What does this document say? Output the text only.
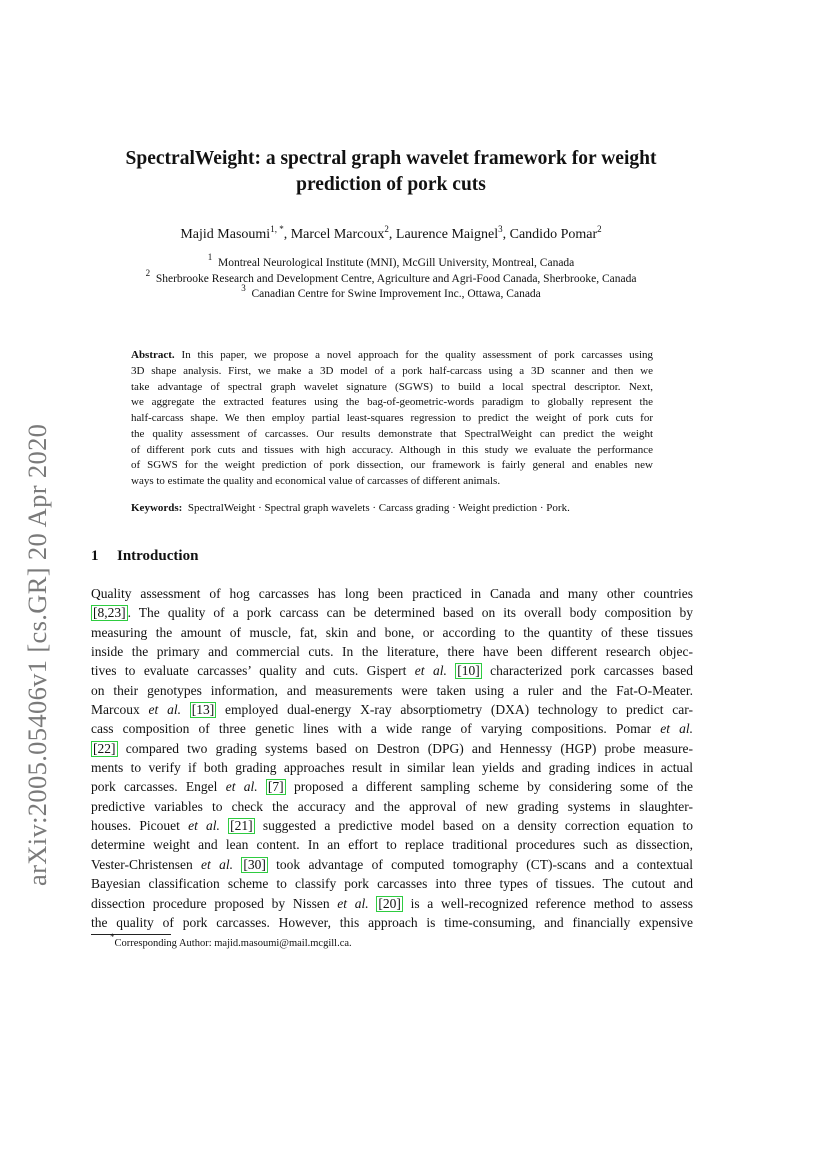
arXiv:2005.05406v1 [cs.GR] 20 Apr 2020
SpectralWeight: a spectral graph wavelet framework for weight
prediction of pork cuts
Majid Masoumi$^{1, *}$, Marcel Marcoux$^2$, Laurence Maignel$^3$, Candido Pomar$^2$
$^1$ Montreal Neurological Institute (MNI), McGill University, Montreal, Canada
$^2$ Sherbrooke Research and Development Centre, Agriculture and Agri-Food Canada, Sherbrooke, Canada
$^3$ Canadian Centre for Swine Improvement Inc., Ottawa, Canada
Abstract. In this paper, we propose a novel approach for the quality assessment of pork carcasses using
3D shape analysis. First, we make a 3D model of a pork half-carcass using a 3D scanner and then we
take advantage of spectral graph wavelet signature (SGWS) to build a local spectral descriptor. Next,
we aggregate the extracted features using the bag-of-geometric-words paradigm to globally represent the
half-carcass shape. We then employ partial least-squares regression to predict the weight of pork cuts for
the quality assessment of carcasses. Our results demonstrate that SpectralWeight can predict the weight
of different pork cuts and tissues with high accuracy. Although in this study we evaluate the performance
of SGWS for the weight prediction of pork dissection, our framework is fairly general and enables new
ways to estimate the quality and economical value of carcasses of different animals.
Keywords: SpectralWeight · Spectral graph wavelets · Carcass grading · Weight prediction · Pork.
1 Introduction
Quality assessment of hog carcasses has long been practiced in Canada and many other countries
[8,23] . The quality of a pork carcass can be determined based on its overall body composition by
measuring the amount of muscle, fat, skin and bone, or according to the quantity of these tissues
inside the primary and commercial cuts. In the literature, there have been different research objec-
tives to evaluate carcasses’ quality and cuts. Gispert et al. [10] characterized pork carcasses based
on their genotypes information, and measurements were taken using a ruler and the Fat-O-Meater.
Marcoux et al. [13] employed dual-energy X-ray absorptiometry (DXA) technology to predict car-
cass composition of three genetic lines with a wide range of varying compositions. Pomar et al.
[22] compared two grading systems based on Destron (DPG) and Hennessy (HGP) probe measure-
ments to verify if both grading approaches result in similar lean yields and grading indices in actual
pork carcasses. Engel et al. [7] proposed a different sampling scheme by considering some of the
predictive variables to check the accuracy and the approval of new grading systems in slaughter-
houses. Picouet et al. [21] suggested a predictive model based on a density correction equation to
determine weight and lean content. In an effort to replace traditional procedures such as dissection,
Vester-Christensen et al. [30] took advantage of computed tomography (CT)-scans and a contextual
Bayesian classification scheme to classify pork carcasses into three types of tissues. The cutout and
dissection procedure proposed by Nissen et al. [20] is a well-recognized reference method to assess
the quality of pork carcasses. However, this approach is time-consuming, and financially expensive
*Corresponding Author: majid.masoumi@mail.mcgill.ca.
